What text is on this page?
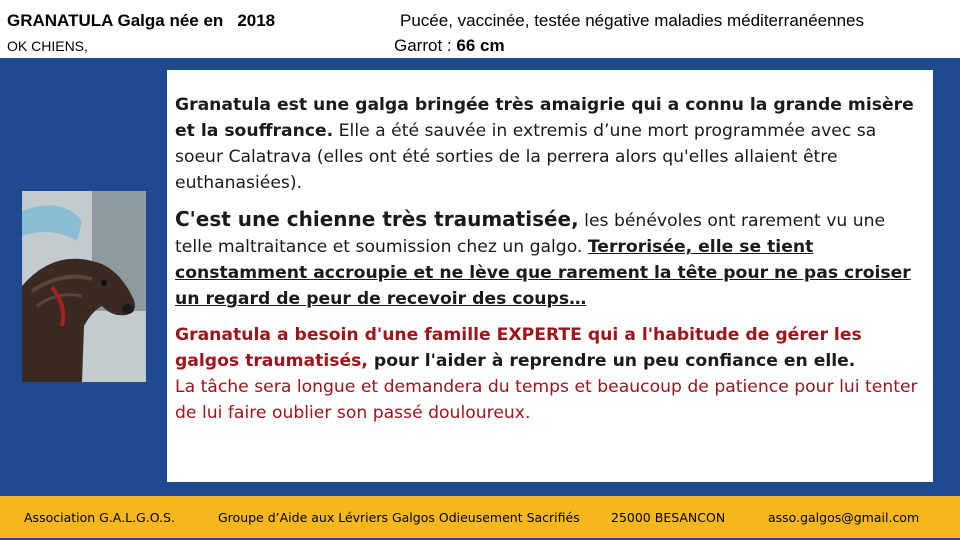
GRANATULA Galga née en 2018
OK CHIENS,
Pucée, vaccinée, testée négative maladies méditerranéennes
Garrot : 66 cm

Granatula est une galga bringée très amaigrie qui a connu la grande misère et la souffrance. Elle a été sauvée in extremis d’une mort programmée avec sa soeur Calatrava (elles ont été sorties de la perrera alors qu'elles allaient être euthanasiées).

C'est une chienne très traumatisée, les bénévoles ont rarement vu une telle maltraitance et soumission chez un galgo. Terrorisée, elle se tient constamment accroupie et ne lève que rarement la tête pour ne pas croiser un regard de peur de recevoir des coups…

Granatula a besoin d'une famille EXPERTE qui a l'habitude de gérer les galgos traumatisés, pour l'aider à reprendre un peu confiance en elle.

La tâche sera longue et demandera du temps et beaucoup de patience pour lui tenter de lui faire oublier son passé douloureux.

Association G.A.L.G.O.S.	Groupe d’Aide aux Lévriers Galgos Odieusement Sacrifiés	25000 BESANCON	asso.galgos@gmail.com
